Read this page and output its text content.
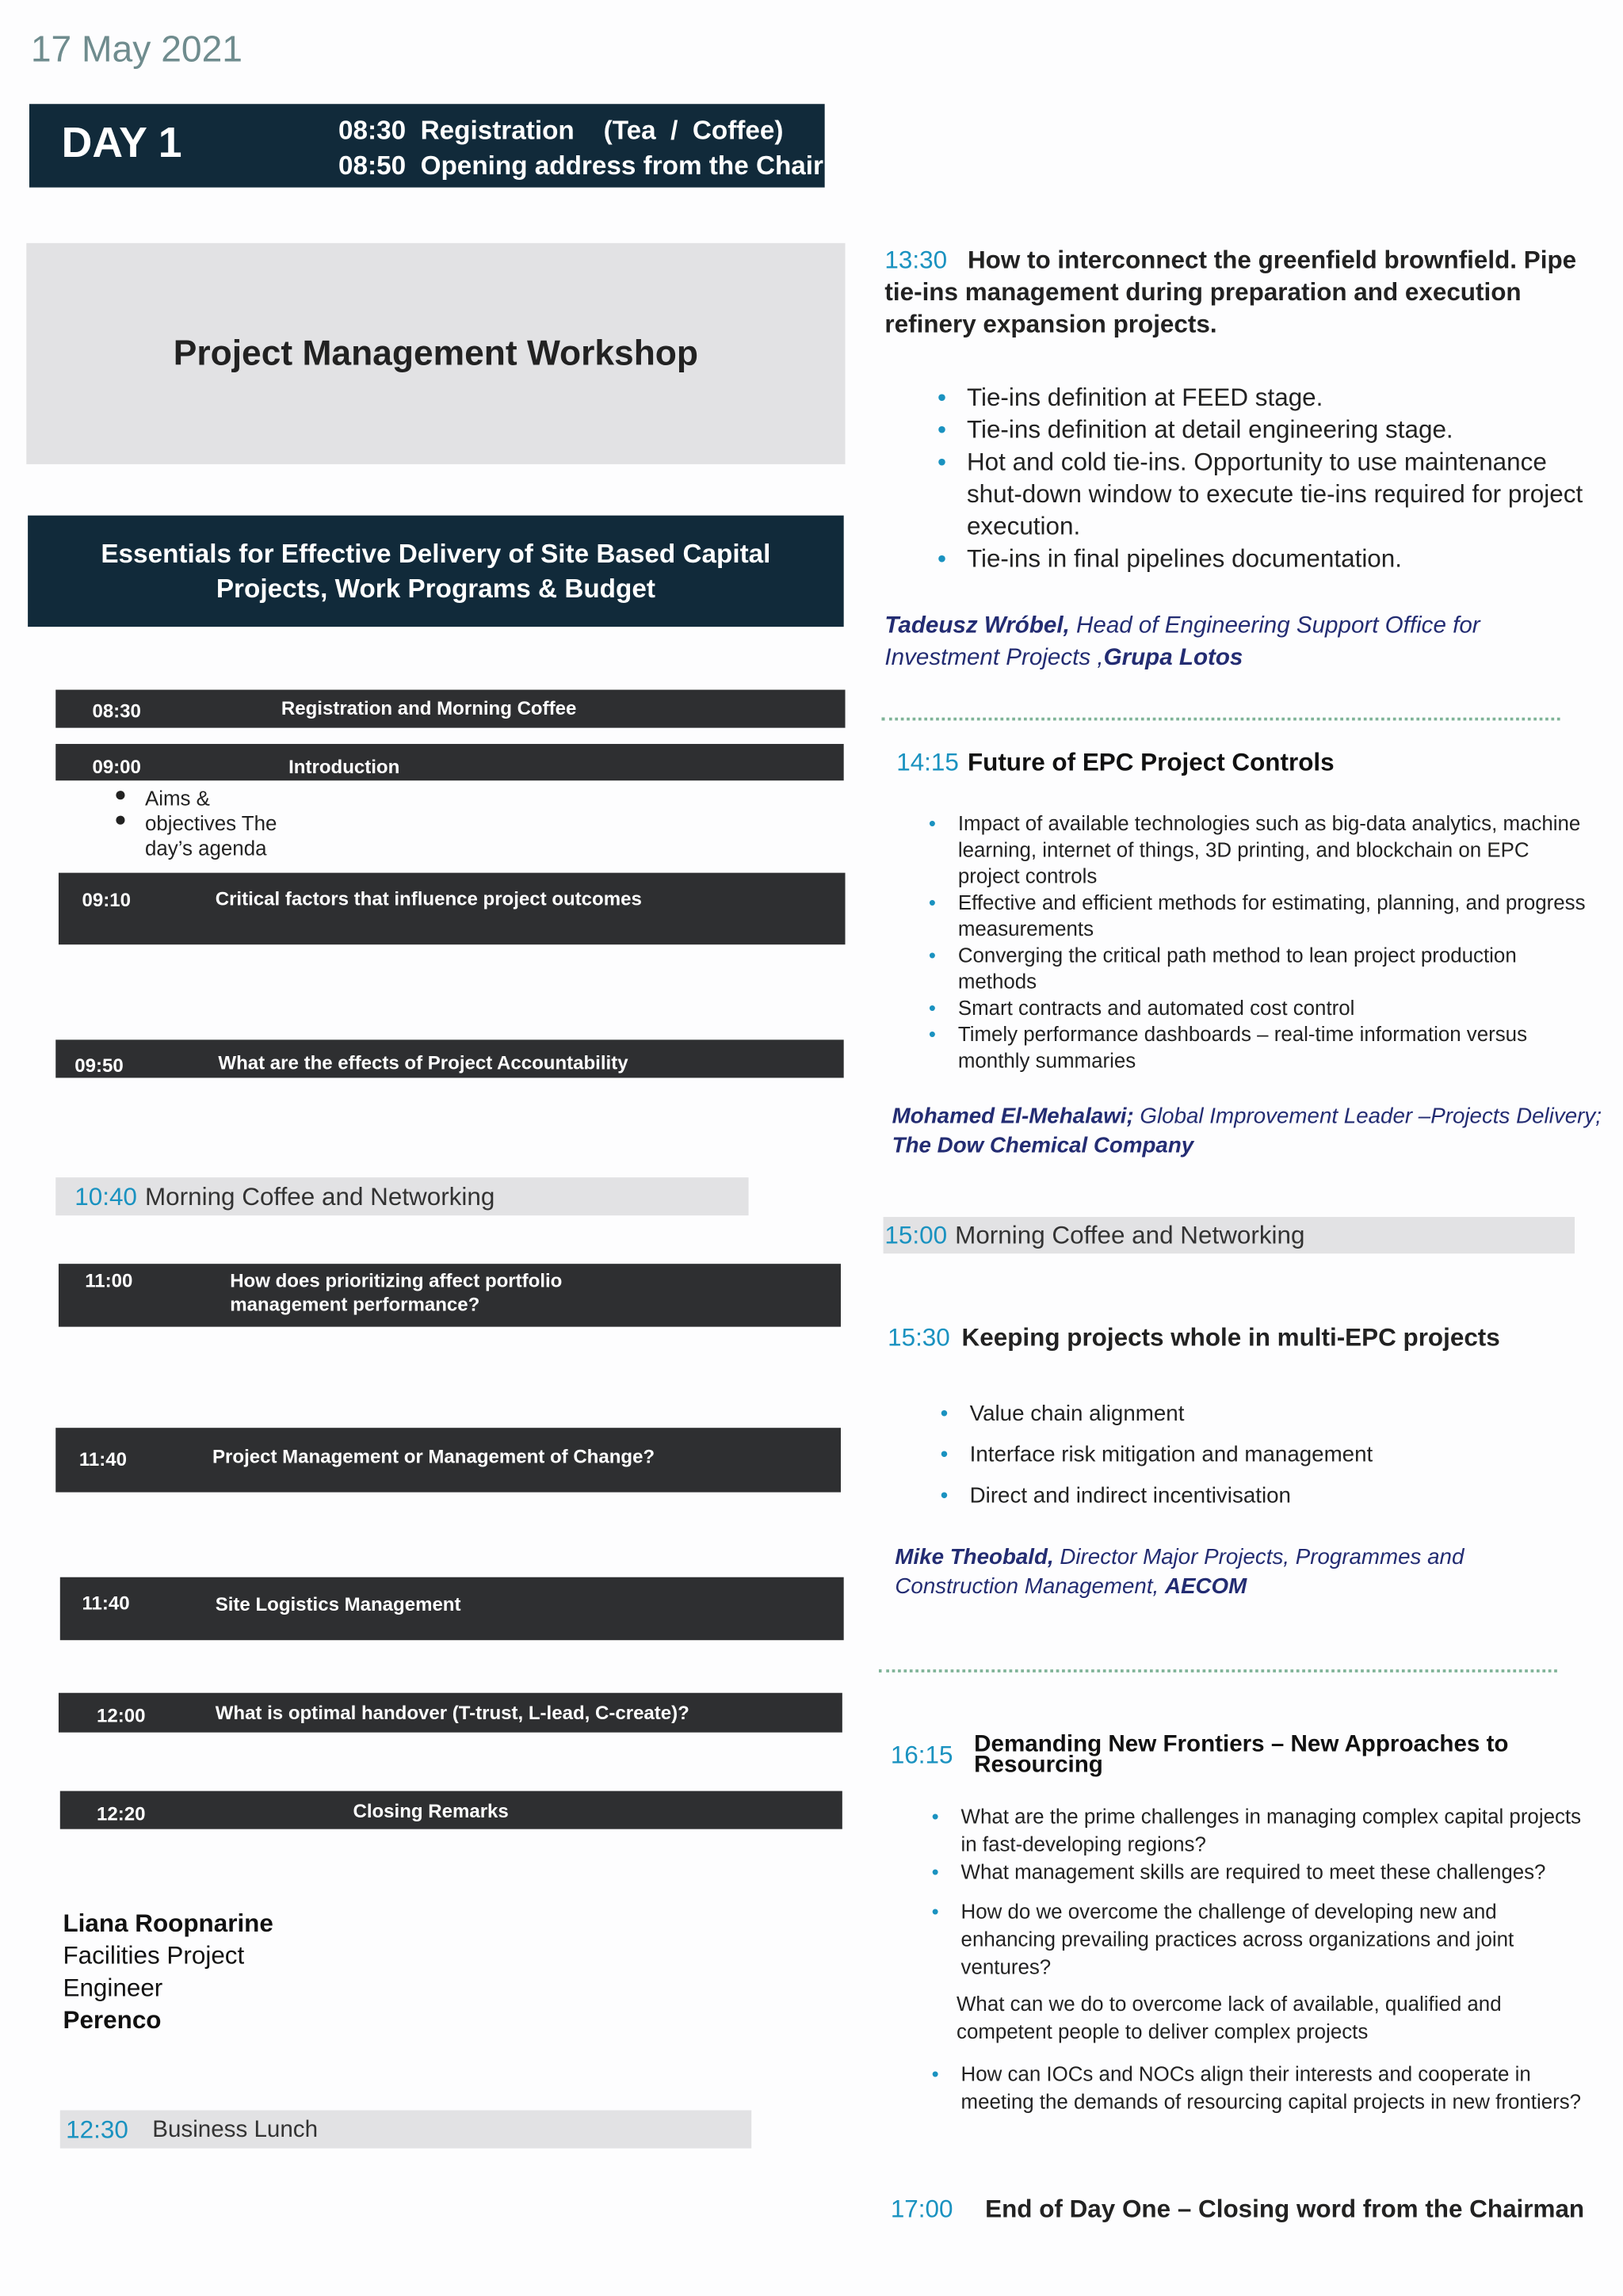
17 May 2021
DAY 1	08:30 Registration    (Tea  /  Coffee)
08:50 Opening address from the Chair
Project Management Workshop
Essentials for Effective Delivery of Site Based Capital Projects, Work Programs & Budget
08:30	Registration and Morning Coffee
09:00	Introduction
● Aims &
● objectives The
day’s agenda
09:10	Critical factors that influence project outcomes
09:50	What are the effects of Project Accountability
10:40 Morning Coffee and Networking
11:00	How does prioritizing affect portfolio
management performance?
11:40	Project Management or Management of Change?
11:40	Site Logistics Management
12:00	What is optimal handover (T-trust, L-lead, C-create)?
12:20	Closing Remarks
Liana Roopnarine
Facilities Project
Engineer
Perenco
12:30 Business Lunch
13:30 How to interconnect the greenfield brownfield. Pipe tie-ins management during preparation and execution refinery expansion projects.
• Tie-ins definition at FEED stage.
• Tie-ins definition at detail engineering stage.
• Hot and cold tie-ins. Opportunity to use maintenance shut-down window to execute tie-ins required for project execution.
• Tie-ins in final pipelines documentation.
Tadeusz Wróbel, Head of Engineering Support Office for Investment Projects ,Grupa Lotos
14:15 Future of EPC Project Controls
• Impact of available technologies such as big-data analytics, machine learning, internet of things, 3D printing, and blockchain on EPC project controls
• Effective and efficient methods for estimating, planning, and progress measurements
• Converging the critical path method to lean project production methods
• Smart contracts and automated cost control
• Timely performance dashboards – real-time information versus monthly summaries
Mohamed El-Mehalawi; Global Improvement Leader –Projects Delivery;
The Dow Chemical Company
15:00 Morning Coffee and Networking
15:30 Keeping projects whole in multi-EPC projects
• Value chain alignment
• Interface risk mitigation and management
• Direct and indirect incentivisation
Mike Theobald, Director Major Projects, Programmes and Construction Management, AECOM
16:15 Demanding New Frontiers – New Approaches to Resourcing
• What are the prime challenges in managing complex capital projects in fast-developing regions?
• What management skills are required to meet these challenges?
• How do we overcome the challenge of developing new and enhancing prevailing practices across organizations and joint ventures?
What can we do to overcome lack of available, qualified and competent people to deliver complex projects
• How can IOCs and NOCs align their interests and cooperate in meeting the demands of resourcing capital projects in new frontiers?
17:00 End of Day One – Closing word from the Chairman
